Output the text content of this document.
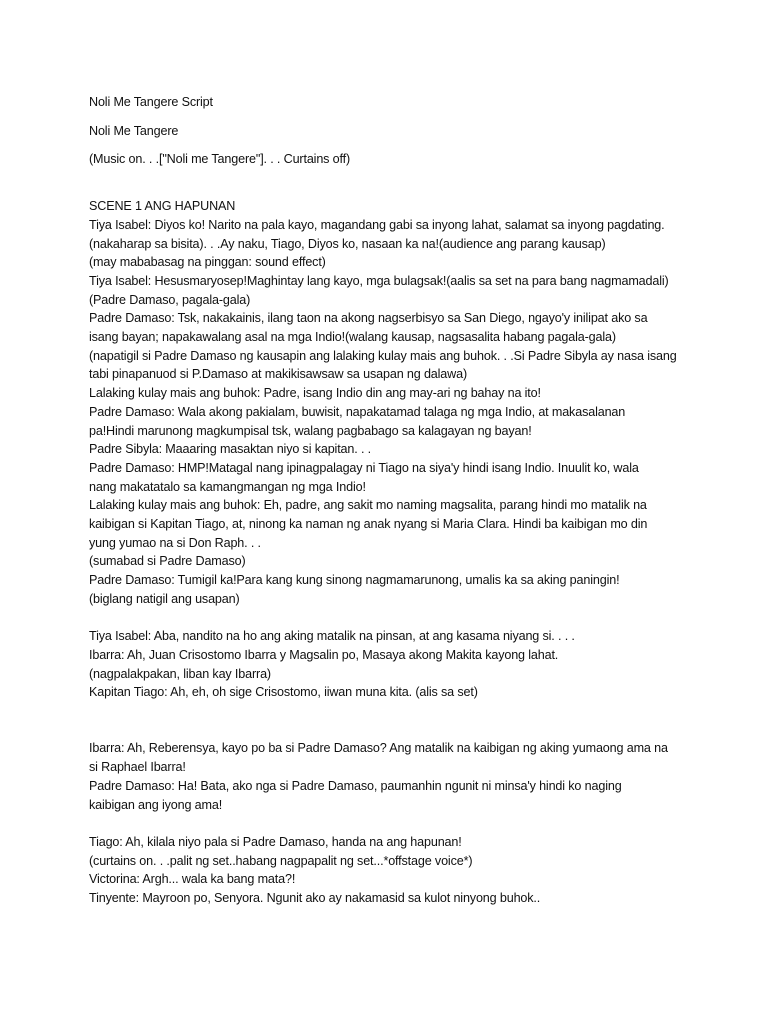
Noli Me Tangere Script
Noli Me Tangere
(Music on. . .["Noli me Tangere"]. . . Curtains off)
SCENE 1 ANG HAPUNAN
Tiya Isabel: Diyos ko! Narito na pala kayo, magandang gabi sa inyong lahat, salamat sa inyong pagdating.
(nakaharap sa bisita). . .Ay naku, Tiago, Diyos ko, nasaan ka na!(audience ang parang kausap)
(may mababasag na pinggan: sound effect)
Tiya Isabel: Hesusmaryosep!Maghintay lang kayo, mga bulagsak!(aalis sa set na para bang nagmamadali)
(Padre Damaso, pagala-gala)
Padre Damaso: Tsk, nakakainis, ilang taon na akong nagserbisyo sa San Diego, ngayo'y inilipat ako sa
isang bayan; napakawalang asal na mga Indio!(walang kausap, nagsasalita habang pagala-gala)
(napatigil si Padre Damaso ng kausapin ang lalaking kulay mais ang buhok. . .Si Padre Sibyla ay nasa isang
tabi pinapanuod si P.Damaso at makikisawsaw sa usapan ng dalawa)
Lalaking kulay mais ang buhok: Padre, isang Indio din ang may-ari ng bahay na ito!
Padre Damaso: Wala akong pakialam, buwisit, napakatamad talaga ng mga Indio, at makasalanan
pa!Hindi marunong magkumpisal tsk, walang pagbabago sa kalagayan ng bayan!
Padre Sibyla: Maaaring masaktan niyo si kapitan. . .
Padre Damaso: HMP!Matagal nang ipinagpalagay ni Tiago na siya'y hindi isang Indio. Inuulit ko, wala
nang makatatalo sa kamangmangan ng mga Indio!
Lalaking kulay mais ang buhok: Eh, padre, ang sakit mo naming magsalita, parang hindi mo matalik na
kaibigan si Kapitan Tiago, at, ninong ka naman ng anak nyang si Maria Clara. Hindi ba kaibigan mo din
yung yumao na si Don Raph. . .
(sumabad si Padre Damaso)
Padre Damaso: Tumigil ka!Para kang kung sinong nagmamarunong, umalis ka sa aking paningin!
(biglang natigil ang usapan)
Tiya Isabel: Aba, nandito na ho ang aking matalik na pinsan, at ang kasama niyang si. . . .
Ibarra: Ah, Juan Crisostomo Ibarra y Magsalin po, Masaya akong Makita kayong lahat.
(nagpalakpakan, liban kay Ibarra)
Kapitan Tiago: Ah, eh, oh sige Crisostomo, iiwan muna kita. (alis sa set)
Ibarra: Ah, Reberensya, kayo po ba si Padre Damaso? Ang matalik na kaibigan ng aking yumaong ama na
si Raphael Ibarra!
Padre Damaso: Ha! Bata, ako nga si Padre Damaso, paumanhin ngunit ni minsa'y hindi ko naging
kaibigan ang iyong ama!
Tiago: Ah, kilala niyo pala si Padre Damaso, handa na ang hapunan!
(curtains on. . .palit ng set..habang nagpapalit ng set...*offstage voice*)
Victorina: Argh... wala ka bang mata?!
Tinyente: Mayroon po, Senyora. Ngunit ako ay nakamasid sa kulot ninyong buhok..
